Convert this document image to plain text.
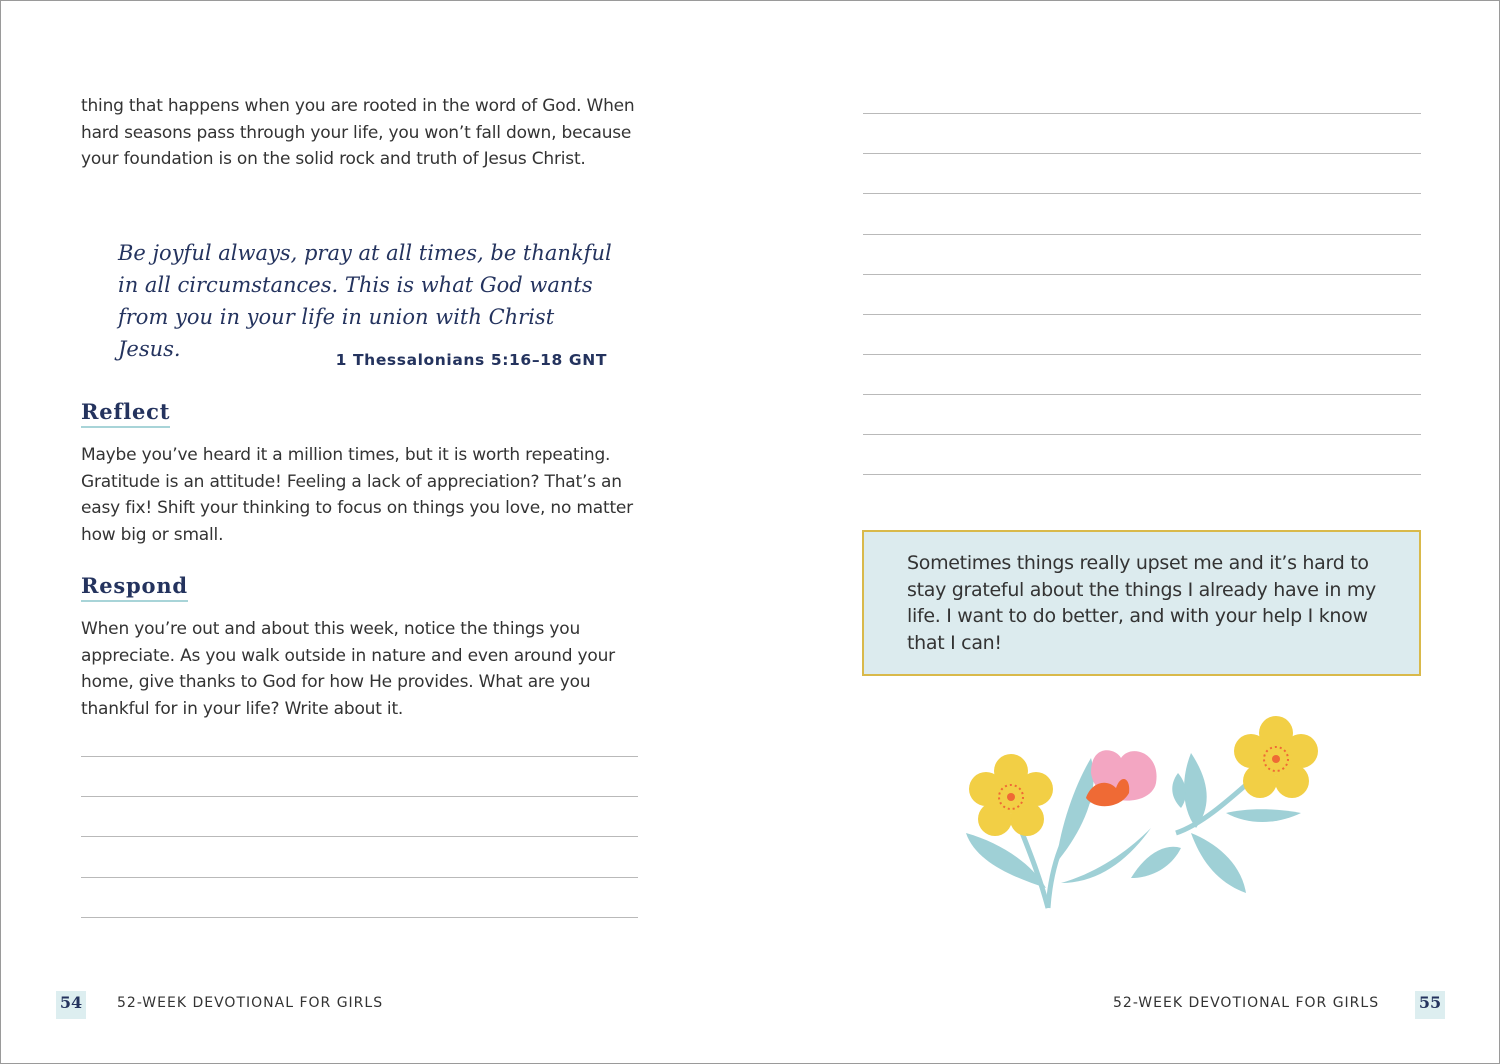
thing that happens when you are rooted in the word of God. When hard seasons pass through your life, you won’t fall down, because your foundation is on the solid rock and truth of Jesus Christ.

Be joyful always, pray at all times, be thankful
in all circumstances. This is what God wants
from you in your life in union with Christ Jesus.	1 Thessalonians 5:16–18 GNT
Reflect

Maybe you’ve heard it a million times, but it is worth repeating. Gratitude is an attitude! Feeling a lack of appreciation? That’s an easy fix! Shift your thinking to focus on things you love, no matter how big or small.

Respond

When you’re out and about this week, notice the things you appreciate. As you walk outside in nature and even around your home, give thanks to God for how He provides. What are you thankful for in your life? Write about it.

54 52-WEEK DEVOTIONAL FOR GIRLS

Sometimes things really upset me and it’s hard to stay grateful about the things I already have in my life. I want to do better, and with your help I know that I can!

52-WEEK DEVOTIONAL FOR GIRLS 55
